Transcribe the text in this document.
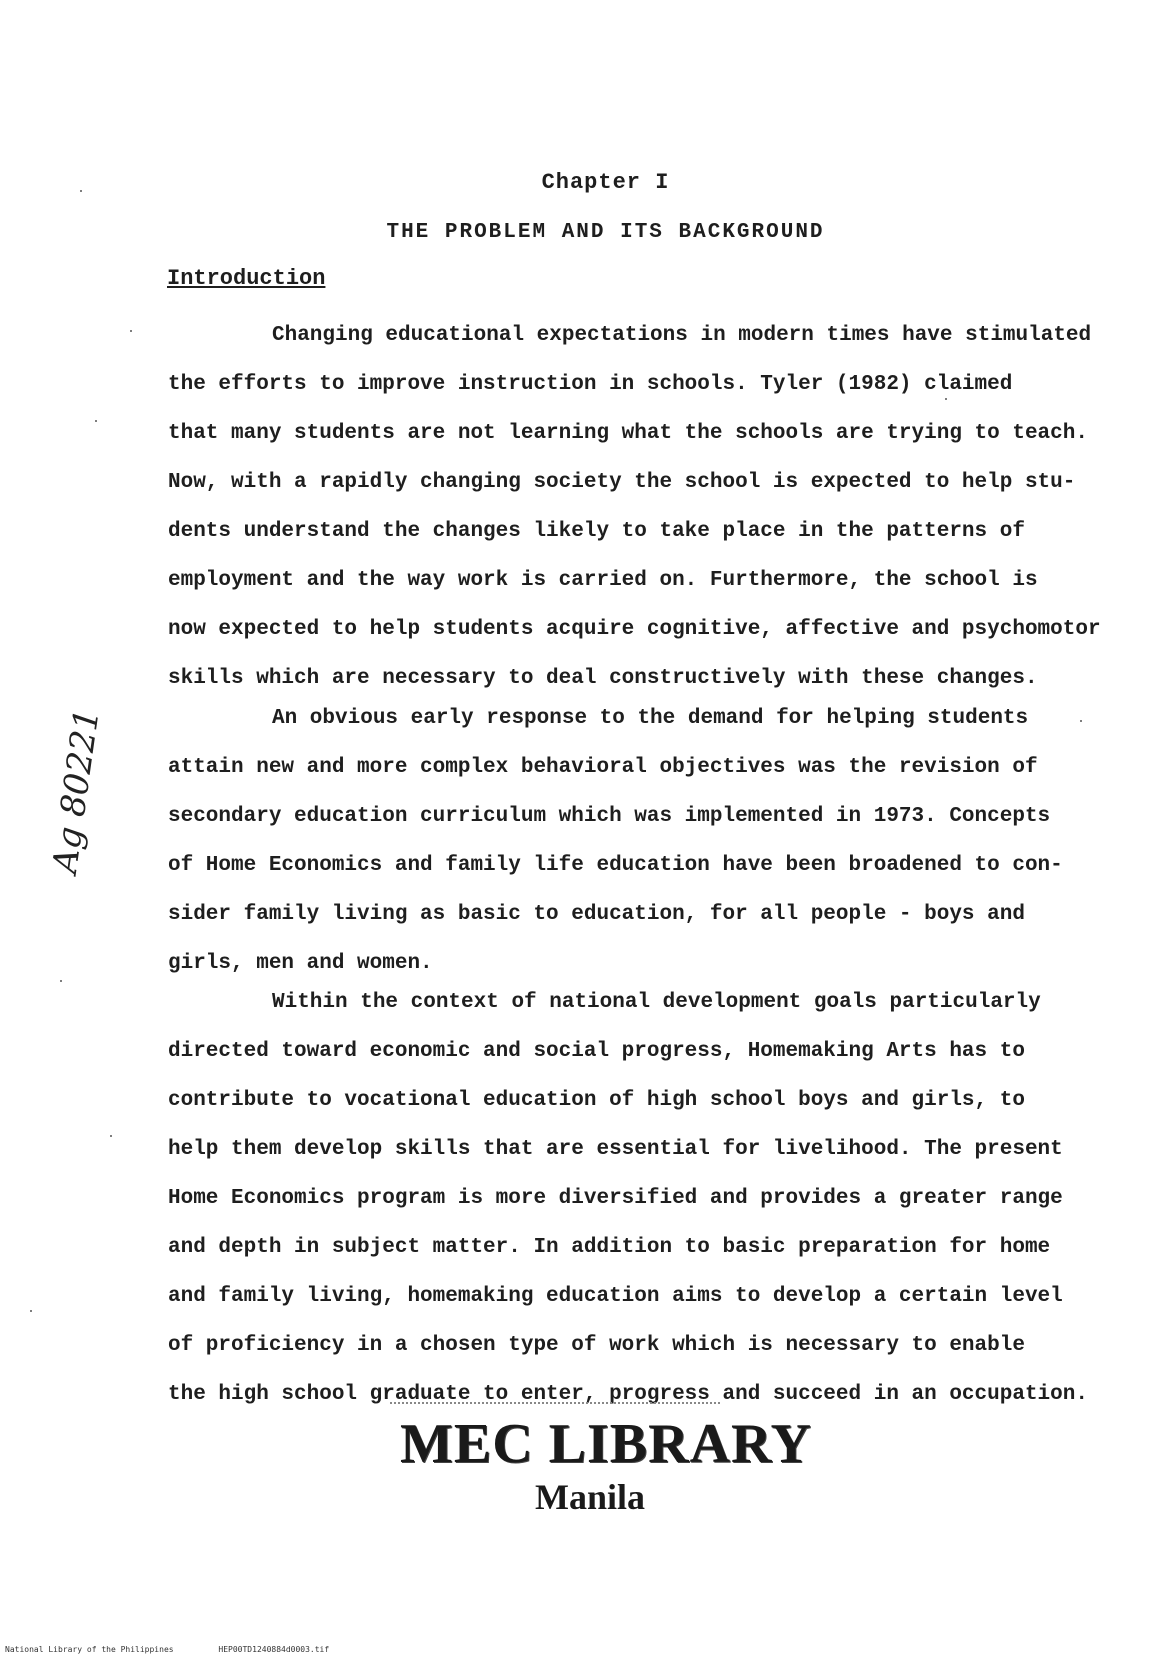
Chapter I
THE PROBLEM AND ITS BACKGROUND
Introduction
Changing educational expectations in modern times have stimulated
the efforts to improve instruction in schools. Tyler (1982) claimed
that many students are not learning what the schools are trying to teach.
Now, with a rapidly changing society the school is expected to help stu-
dents understand the changes likely to take place in the patterns of
employment and the way work is carried on. Furthermore, the school is
now expected to help students acquire cognitive, affective and psychomotor
skills which are necessary to deal constructively with these changes.
An obvious early response to the demand for helping students
attain new and more complex behavioral objectives was the revision of
secondary education curriculum which was implemented in 1973. Concepts
of Home Economics and family life education have been broadened to con-
sider family living as basic to education, for all people - boys and
girls, men and women.
Within the context of national development goals particularly
directed toward economic and social progress, Homemaking Arts has to
contribute to vocational education of high school boys and girls, to
help them develop skills that are essential for livelihood. The present
Home Economics program is more diversified and provides a greater range
and depth in subject matter. In addition to basic preparation for home
and family living, homemaking education aims to develop a certain level
of proficiency in a chosen type of work which is necessary to enable
the high school graduate to enter, progress and succeed in an occupation.
Ag 80221
MEC LIBRARY
Manila
National Library of the Philippines	HEP00TD1240884d0003.tif
